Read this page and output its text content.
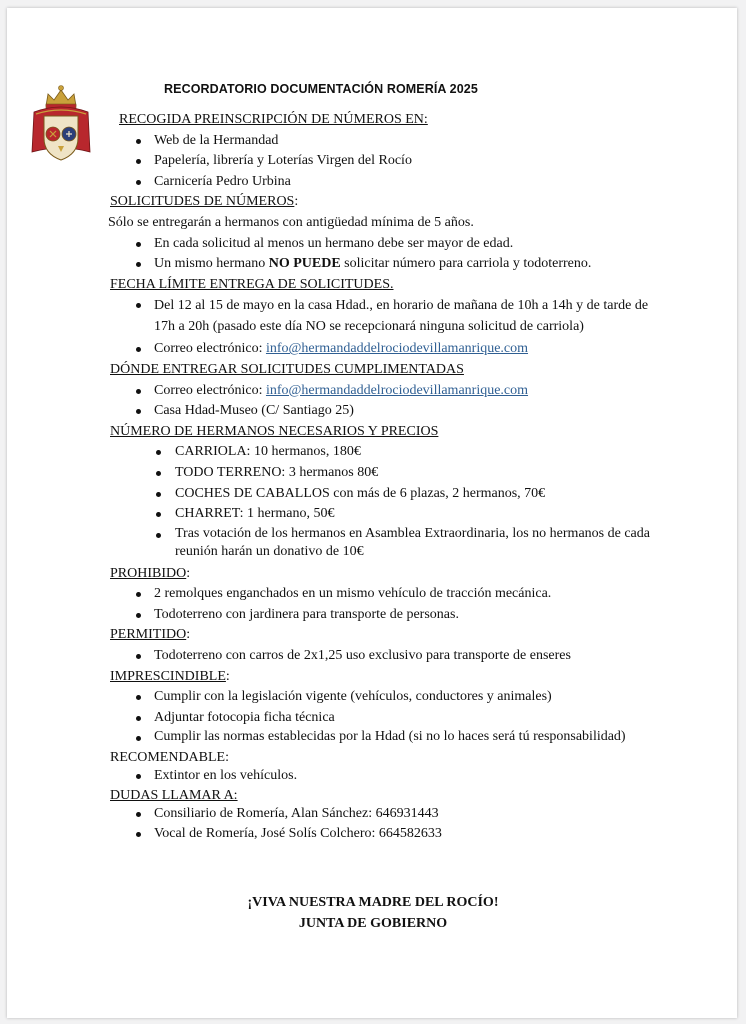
RECORDATORIO DOCUMENTACIÓN ROMERÍA 2025

RECOGIDA PREINSCRIPCIÓN DE NÚMEROS EN:

Web de la Hermandad
Papelería, librería y Loterías Virgen del Rocío
Carnicería Pedro Urbina

SOLICITUDES DE NÚMEROS:

Sólo se entregarán a hermanos con antigüedad mínima de 5 años.

En cada solicitud al menos un hermano debe ser mayor de edad.
Un mismo hermano NO PUEDE solicitar número para carriola y todoterreno.

FECHA LÍMITE ENTREGA DE SOLICITUDES.

Del 12 al 15 de mayo en la casa Hdad., en horario de mañana de 10h a 14h y de tarde de 17h a 20h (pasado este día NO se recepcionará ninguna solicitud de carriola)
Correo electrónico: info@hermandaddelrociodevillamanrique.com

DÓNDE ENTREGAR SOLICITUDES CUMPLIMENTADAS

Correo electrónico: info@hermandaddelrociodevillamanrique.com
Casa Hdad-Museo (C/ Santiago 25)

NÚMERO DE HERMANOS NECESARIOS Y PRECIOS

CARRIOLA: 10 hermanos, 180€
TODO TERRENO: 3 hermanos 80€
COCHES DE CABALLOS con más de 6 plazas, 2 hermanos, 70€
CHARRET: 1 hermano, 50€
Tras votación de los hermanos en Asamblea Extraordinaria, los no hermanos de cada reunión harán un donativo de 10€

PROHIBIDO:

2 remolques enganchados en un mismo vehículo de tracción mecánica.
Todoterreno con jardinera para transporte de personas.

PERMITIDO:

Todoterreno con carros de 2x1,25 uso exclusivo para transporte de enseres

IMPRESCINDIBLE:

Cumplir con la legislación vigente (vehículos, conductores y animales)
Adjuntar fotocopia ficha técnica
Cumplir las normas establecidas por la Hdad (si no lo haces será tú responsabilidad)

RECOMENDABLE:

Extintor en los vehículos.

DUDAS LLAMAR A:

Consiliario de Romería, Alan Sánchez: 646931443
Vocal de Romería, José Solís Colchero: 664582633
¡VIVA NUESTRA MADRE DEL ROCÍO!
JUNTA DE GOBIERNO
